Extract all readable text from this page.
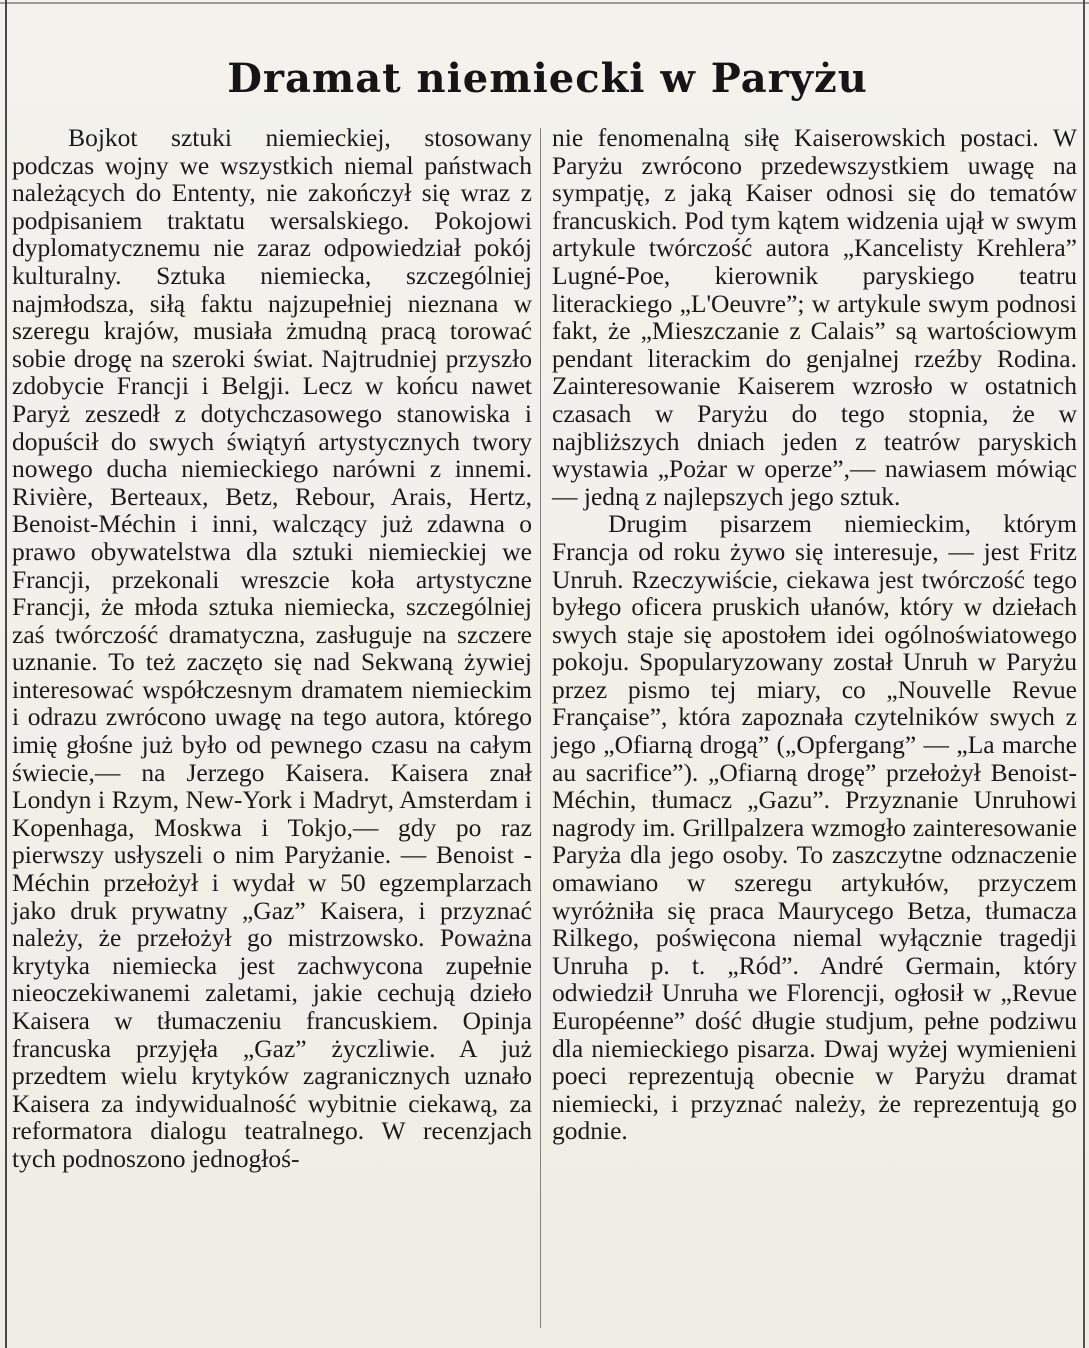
Dramat niemiecki w Paryżu

Bojkot sztuki niemieckiej, stosowany podczas wojny we wszystkich niemal państwach należących do Ententy, nie zakończył się wraz z podpisaniem traktatu wersalskiego. Pokojowi dyplomatycznemu nie zaraz odpowiedział pokój kulturalny. Sztuka niemiecka, szczególniej najmłodsza, siłą faktu najzupełniej nieznana w szeregu krajów, musiała żmudną pracą torować sobie drogę na szeroki świat. Najtrudniej przyszło zdobycie Francji i Belgji. Lecz w końcu nawet Paryż zeszedł z dotychczasowego stanowiska i dopuścił do swych świątyń artystycznych twory nowego ducha niemieckiego narówni z innemi. Rivière, Berteaux, Betz, Rebour, Arais, Hertz, Benoist-Méchin i inni, walczący już zdawna o prawo obywatelstwa dla sztuki niemieckiej we Francji, przekonali wreszcie koła artystyczne Francji, że młoda sztuka niemiecka, szczególniej zaś twórczość dramatyczna, zasługuje na szczere uznanie. To też zaczęto się nad Sekwaną żywiej interesować współczesnym dramatem niemieckim i odrazu zwrócono uwagę na tego autora, którego imię głośne już było od pewnego czasu na całym świecie,— na Jerzego Kaisera. Kaisera znał Londyn i Rzym, New-York i Madryt, Amsterdam i Kopenhaga, Moskwa i Tokjo,— gdy po raz pierwszy usłyszeli o nim Paryżanie. — Benoist - Méchin przełożył i wydał w 50 egzemplarzach jako druk prywatny „Gaz” Kaisera, i przyznać należy, że przełożył go mistrzowsko. Poważna krytyka niemiecka jest zachwycona zupełnie nieoczekiwanemi zaletami, jakie cechują dzieło Kaisera w tłumaczeniu francuskiem. Opinja francuska przyjęła „Gaz” życzliwie. A już przedtem wielu krytyków zagranicznych uznało Kaisera za indywidualność wybitnie ciekawą, za reformatora dialogu teatralnego. W recenzjach tych podnoszono jednogłoś-

nie fenomenalną siłę Kaiserowskich postaci. W Paryżu zwrócono przedewszystkiem uwagę na sympatję, z jaką Kaiser odnosi się do tematów francuskich. Pod tym kątem widzenia ujął w swym artykule twórczość autora „Kancelisty Krehlera” Lugné-Poe, kierownik paryskiego teatru literackiego „L'Oeuvre”; w artykule swym podnosi fakt, że „Mieszczanie z Calais” są wartościowym pendant literackim do genjalnej rzeźby Rodina. Zainteresowanie Kaiserem wzrosło w ostatnich czasach w Paryżu do tego stopnia, że w najbliższych dniach jeden z teatrów paryskich wystawia „Pożar w operze”,— nawiasem mówiąc — jedną z najlepszych jego sztuk.

Drugim pisarzem niemieckim, którym Francja od roku żywo się interesuje, — jest Fritz Unruh. Rzeczywiście, ciekawa jest twórczość tego byłego oficera pruskich ułanów, który w dziełach swych staje się apostołem idei ogólnoświatowego pokoju. Spopularyzowany został Unruh w Paryżu przez pismo tej miary, co „Nouvelle Revue Française”, która zapoznała czytelników swych z jego „Ofiarną drogą” („Opfergang” — „La marche au sacrifice”). „Ofiarną drogę” przełożył Benoist-Méchin, tłumacz „Gazu”. Przyznanie Unruhowi nagrody im. Grillpalzera wzmogło zainteresowanie Paryża dla jego osoby. To zaszczytne odznaczenie omawiano w szeregu artykułów, przyczem wyróżniła się praca Maurycego Betza, tłumacza Rilkego, poświęcona niemal wyłącznie tragedji Unruha p. t. „Ród”. André Germain, który odwiedził Unruha we Florencji, ogłosił w „Revue Européenne” dość długie studjum, pełne podziwu dla niemieckiego pisarza. Dwaj wyżej wymienieni poeci reprezentują obecnie w Paryżu dramat niemiecki, i przyznać należy, że reprezentują go godnie.
